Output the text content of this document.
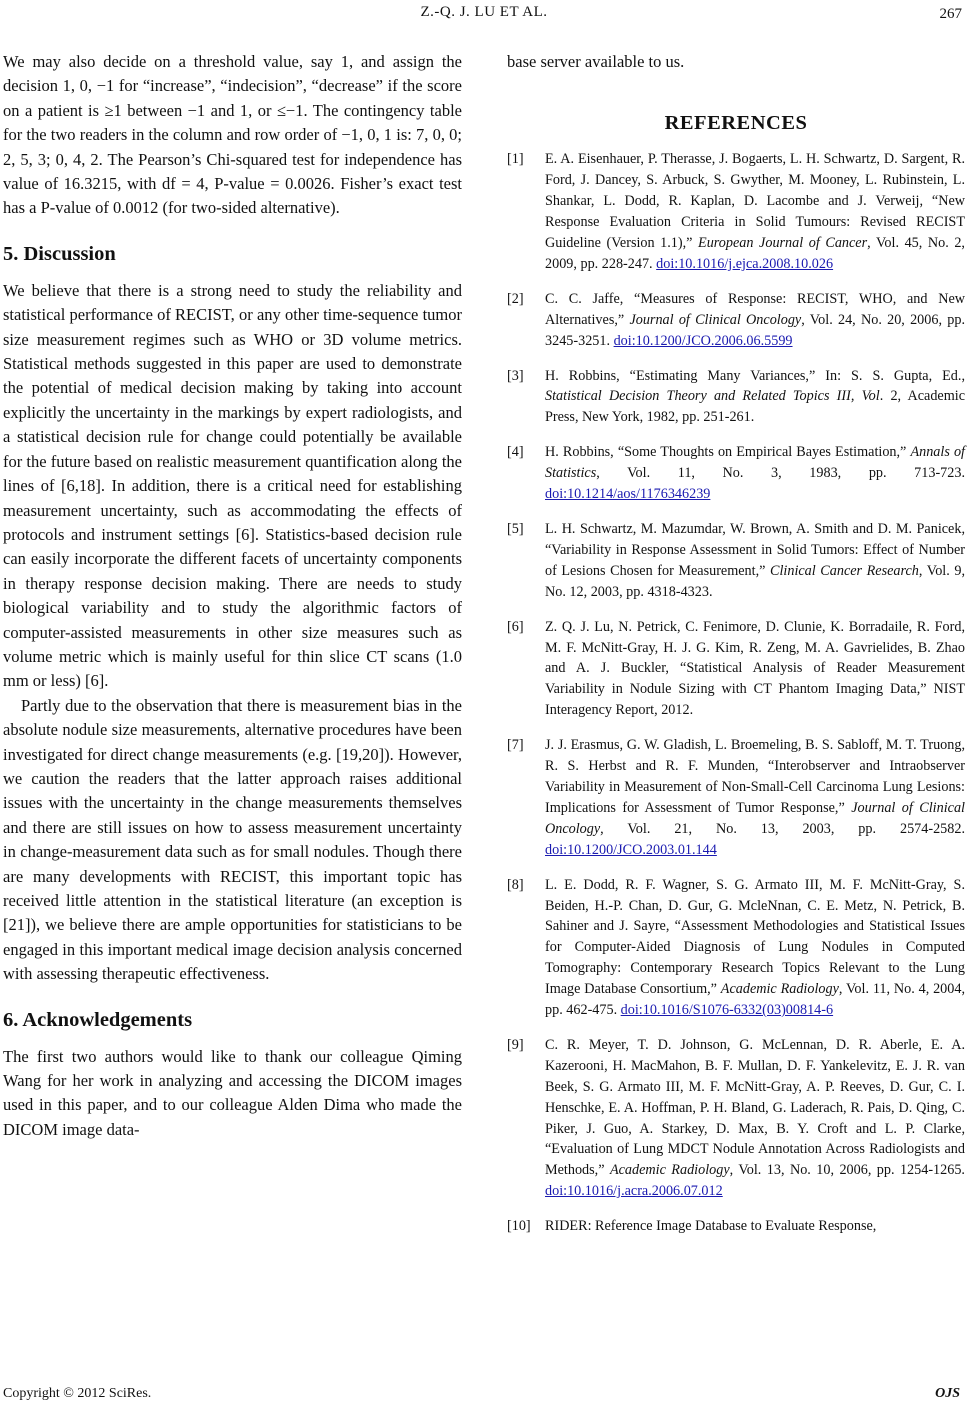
Z.-Q. J. LU ET AL.	267

We may also decide on a threshold value, say 1, and assign the decision 1, 0, −1 for “increase”, “indecision”, “decrease” if the score on a patient is ≥1 between −1 and 1, or ≤−1. The contingency table for the two readers in the column and row order of −1, 0, 1 is: 7, 0, 0; 2, 5, 3; 0, 4, 2. The Pearson’s Chi-squared test for independence has value of 16.3215, with df = 4, P-value = 0.0026. Fisher’s exact test has a P-value of 0.0012 (for two-sided alternative).

5. Discussion

We believe that there is a strong need to study the reliability and statistical performance of RECIST, or any other time-sequence tumor size measurement regimes such as WHO or 3D volume metrics. Statistical methods suggested in this paper are used to demonstrate the potential of medical decision making by taking into account explicitly the uncertainty in the markings by expert radiologists, and a statistical decision rule for change could potentially be available for the future based on realistic measurement quantification along the lines of [6,18]. In addition, there is a critical need for establishing measurement uncertainty, such as accommodating the effects of protocols and instrument settings [6]. Statistics-based decision rule can easily incorporate the different facets of uncertainty components in therapy response decision making. There are needs to study biological variability and to study the algorithmic factors of computer-assisted measurements in other size measures such as volume metric which is mainly useful for thin slice CT scans (1.0 mm or less) [6].

Partly due to the observation that there is measurement bias in the absolute nodule size measurements, alternative procedures have been investigated for direct change measurements (e.g. [19,20]). However, we caution the readers that the latter approach raises additional issues with the uncertainty in the change measurements themselves and there are still issues on how to assess measurement uncertainty in change-measurement data such as for small nodules. Though there are many developments with RECIST, this important topic has received little attention in the statistical literature (an exception is [21]), we believe there are ample opportunities for statisticians to be engaged in this important medical image decision analysis concerned with assessing therapeutic effectiveness.

6. Acknowledgements

The first two authors would like to thank our colleague Qiming Wang for her work in analyzing and accessing the DICOM images used in this paper, and to our colleague Alden Dima who made the DICOM image data-

base server available to us.

REFERENCES

[1] E. A. Eisenhauer, P. Therasse, J. Bogaerts, L. H. Schwartz, D. Sargent, R. Ford, J. Dancey, S. Arbuck, S. Gwyther, M. Mooney, L. Rubinstein, L. Shankar, L. Dodd, R. Kaplan, D. Lacombe and J. Verweij, “New Response Evaluation Criteria in Solid Tumours: Revised RECIST Guideline (Version 1.1),” European Journal of Cancer, Vol. 45, No. 2, 2009, pp. 228-247. doi:10.1016/j.ejca.2008.10.026

[2] C. C. Jaffe, “Measures of Response: RECIST, WHO, and New Alternatives,” Journal of Clinical Oncology, Vol. 24, No. 20, 2006, pp. 3245-3251. doi:10.1200/JCO.2006.06.5599

[3] H. Robbins, “Estimating Many Variances,” In: S. S. Gupta, Ed., Statistical Decision Theory and Related Topics III, Vol. 2, Academic Press, New York, 1982, pp. 251-261.

[4] H. Robbins, “Some Thoughts on Empirical Bayes Estimation,” Annals of Statistics, Vol. 11, No. 3, 1983, pp. 713-723. doi:10.1214/aos/1176346239

[5] L. H. Schwartz, M. Mazumdar, W. Brown, A. Smith and D. M. Panicek, “Variability in Response Assessment in Solid Tumors: Effect of Number of Lesions Chosen for Measurement,” Clinical Cancer Research, Vol. 9, No. 12, 2003, pp. 4318-4323.

[6] Z. Q. J. Lu, N. Petrick, C. Fenimore, D. Clunie, K. Borradaile, R. Ford, M. F. McNitt-Gray, H. J. G. Kim, R. Zeng, M. A. Gavrielides, B. Zhao and A. J. Buckler, “Statistical Analysis of Reader Measurement Variability in Nodule Sizing with CT Phantom Imaging Data,” NIST Interagency Report, 2012.

[7] J. J. Erasmus, G. W. Gladish, L. Broemeling, B. S. Sabloff, M. T. Truong, R. S. Herbst and R. F. Munden, “Interobserver and Intraobserver Variability in Measurement of Non-Small-Cell Carcinoma Lung Lesions: Implications for Assessment of Tumor Response,” Journal of Clinical Oncology, Vol. 21, No. 13, 2003, pp. 2574-2582. doi:10.1200/JCO.2003.01.144

[8] L. E. Dodd, R. F. Wagner, S. G. Armato III, M. F. McNitt-Gray, S. Beiden, H.-P. Chan, D. Gur, G. McleNnan, C. E. Metz, N. Petrick, B. Sahiner and J. Sayre, “Assessment Methodologies and Statistical Issues for Computer-Aided Diagnosis of Lung Nodules in Computed Tomography: Contemporary Research Topics Relevant to the Lung Image Database Consortium,” Academic Radiology, Vol. 11, No. 4, 2004, pp. 462-475. doi:10.1016/S1076-6332(03)00814-6

[9] C. R. Meyer, T. D. Johnson, G. McLennan, D. R. Aberle, E. A. Kazerooni, H. MacMahon, B. F. Mullan, D. F. Yankelevitz, E. J. R. van Beek, S. G. Armato III, M. F. McNitt-Gray, A. P. Reeves, D. Gur, C. I. Henschke, E. A. Hoffman, P. H. Bland, G. Laderach, R. Pais, D. Qing, C. Piker, J. Guo, A. Starkey, D. Max, B. Y. Croft and L. P. Clarke, “Evaluation of Lung MDCT Nodule Annotation Across Radiologists and Methods,” Academic Radiology, Vol. 13, No. 10, 2006, pp. 1254-1265. doi:10.1016/j.acra.2006.07.012

[10] RIDER: Reference Image Database to Evaluate Response,

Copyright © 2012 SciRes.	OJS
